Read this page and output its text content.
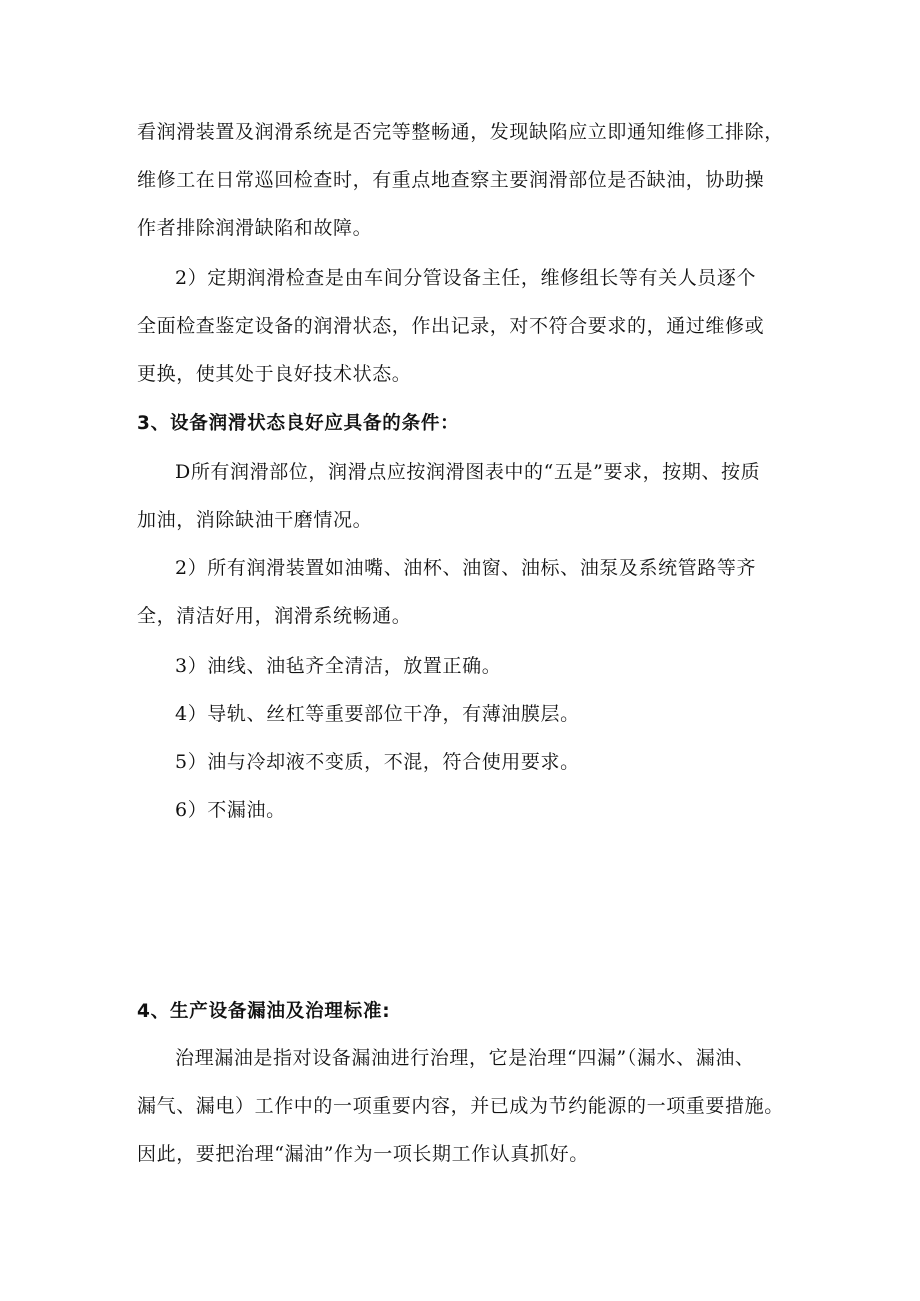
看润滑装置及润滑系统是否完等整畅通，发现缺陷应立即通知维修工排除，
维修工在日常巡回检查时，有重点地查察主要润滑部位是否缺油，协助操
作者排除润滑缺陷和故障。
2）定期润滑检查是由车间分管设备主任，维修组长等有关人员逐个
全面检查鉴定设备的润滑状态，作出记录，对不符合要求的，通过维修或
更换，使其处于良好技术状态。
3、设备润滑状态良好应具备的条件：
D所有润滑部位，润滑点应按润滑图表中的“五是”要求，按期、按质
加油，消除缺油干磨情况。
2）所有润滑装置如油嘴、油杯、油窗、油标、油泵及系统管路等齐
全，清洁好用，润滑系统畅通。
3）油线、油毡齐全清洁，放置正确。
4）导轨、丝杠等重要部位干净，有薄油膜层。
5）油与冷却液不变质，不混，符合使用要求。
6）不漏油。
4、生产设备漏油及治理标准:
治理漏油是指对设备漏油进行治理，它是治理“四漏”（漏水、漏油、
漏气、漏电）工作中的一项重要内容，并已成为节约能源的一项重要措施。
因此，要把治理“漏油”作为一项长期工作认真抓好。
